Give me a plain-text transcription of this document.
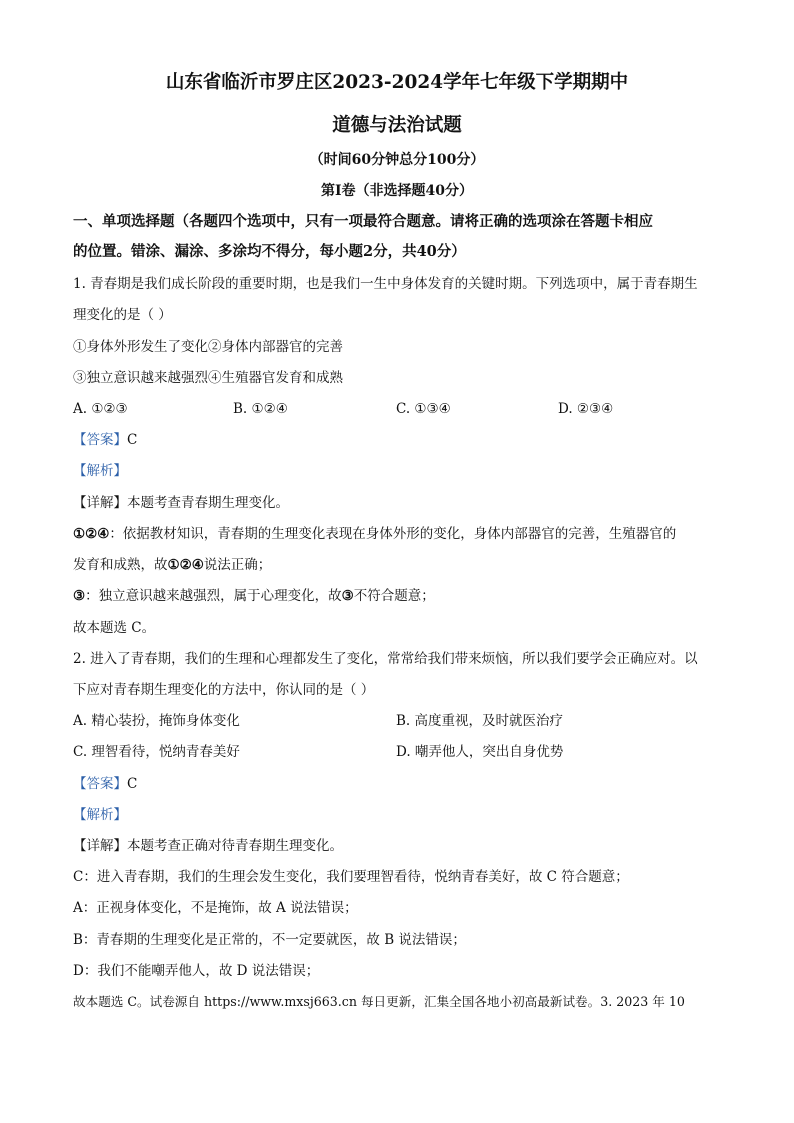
山东省临沂市罗庄区2023-2024学年七年级下学期期中
道德与法治试题
（时间60分钟总分100分）
第Ⅰ卷（非选择题40分）
一、单项选择题（各题四个选项中，只有一项最符合题意。请将正确的选项涂在答题卡相应
的位置。错涂、漏涂、多涂均不得分，每小题2分，共40分）
1. 青春期是我们成长阶段的重要时期，也是我们一生中身体发育的关键时期。下列选项中，属于青春期生
理变化的是（ ）
①身体外形发生了变化②身体内部器官的完善
③独立意识越来越强烈④生殖器官发育和成熟
A. ①②③	B. ①②④	C. ①③④	D. ②③④
【答案】C
【解析】
【详解】本题考查青春期生理变化。
①②④：依据教材知识，青春期的生理变化表现在身体外形的变化，身体内部器官的完善，生殖器官的
发育和成熟，故①②④说法正确；
③：独立意识越来越强烈，属于心理变化，故③不符合题意；
故本题选 C。
2. 进入了青春期，我们的生理和心理都发生了变化，常常给我们带来烦恼，所以我们要学会正确应对。以
下应对青春期生理变化的方法中，你认同的是（ ）
A. 精心装扮，掩饰身体变化	B. 高度重视，及时就医治疗
C. 理智看待，悦纳青春美好	D. 嘲弄他人，突出自身优势
【答案】C
【解析】
【详解】本题考查正确对待青春期生理变化。
C：进入青春期，我们的生理会发生变化，我们要理智看待，悦纳青春美好，故 C 符合题意；
A：正视身体变化，不是掩饰，故 A 说法错误；
B：青春期的生理变化是正常的，不一定要就医，故 B 说法错误；
D：我们不能嘲弄他人，故 D 说法错误；
故本题选 C。试卷源自 https://www.mxsj663.cn 每日更新，汇集全国各地小初高最新试卷。3. 2023 年 10
